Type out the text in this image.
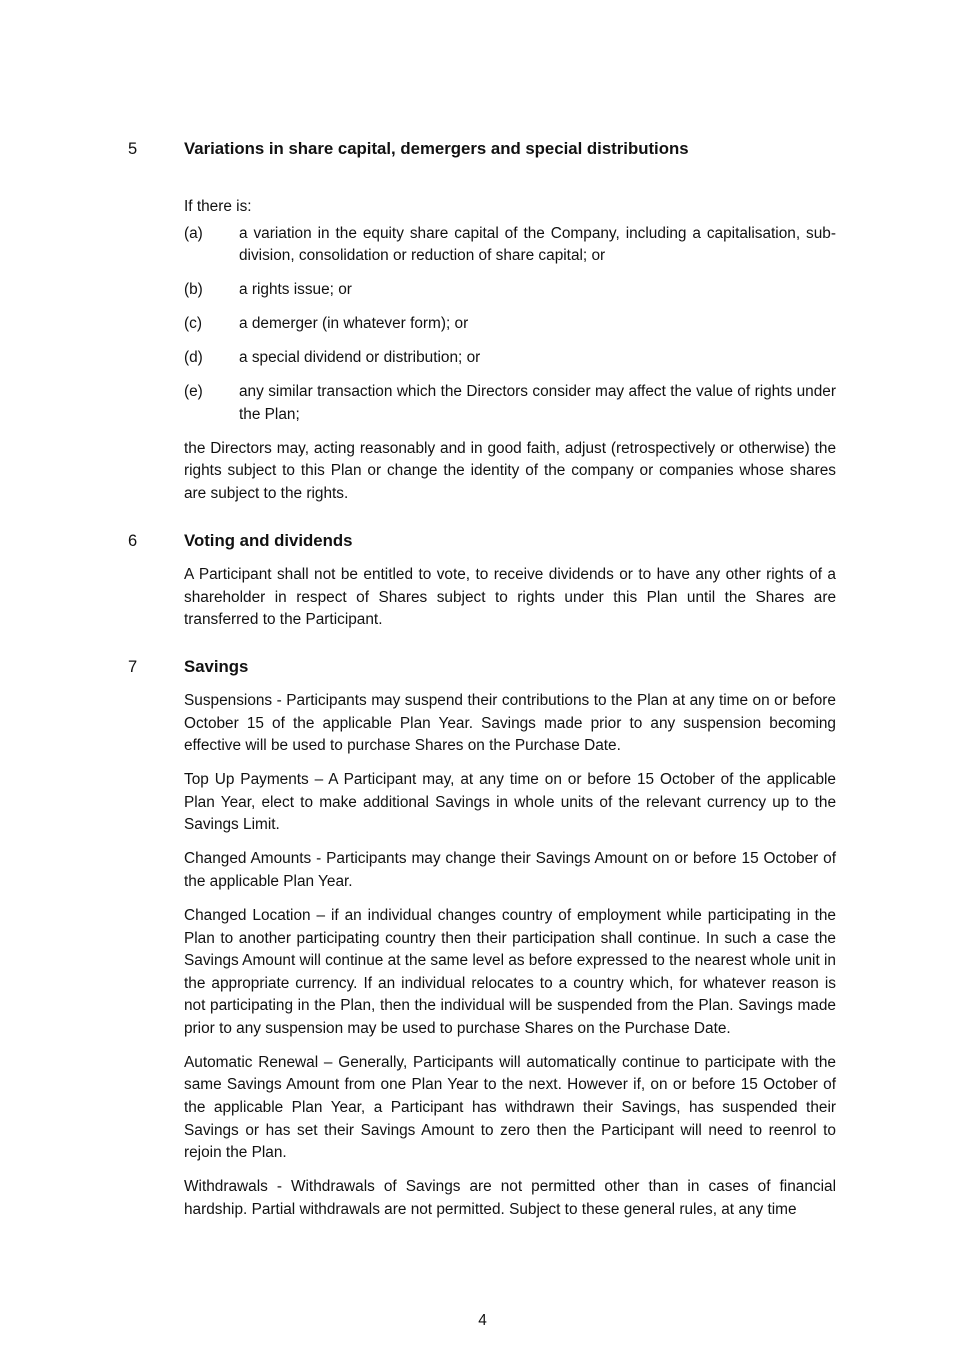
5	Variations in share capital, demergers and special distributions

If there is:

(a) a variation in the equity share capital of the Company, including a capitalisation, sub-division, consolidation or reduction of share capital; or
(b) a rights issue; or
(c) a demerger (in whatever form); or
(d) a special dividend or distribution; or
(e) any similar transaction which the Directors consider may affect the value of rights under the Plan;

the Directors may, acting reasonably and in good faith, adjust (retrospectively or otherwise) the rights subject to this Plan or change the identity of the company or companies whose shares are subject to the rights.

6	Voting and dividends

A Participant shall not be entitled to vote, to receive dividends or to have any other rights of a shareholder in respect of Shares subject to rights under this Plan until the Shares are transferred to the Participant.

7	Savings

Suspensions - Participants may suspend their contributions to the Plan at any time on or before October 15 of the applicable Plan Year. Savings made prior to any suspension becoming effective will be used to purchase Shares on the Purchase Date.

Top Up Payments – A Participant may, at any time on or before 15 October of the applicable Plan Year, elect to make additional Savings in whole units of the relevant currency up to the Savings Limit.

Changed Amounts - Participants may change their Savings Amount on or before 15 October of the applicable Plan Year.

Changed Location – if an individual changes country of employment while participating in the Plan to another participating country then their participation shall continue. In such a case the Savings Amount will continue at the same level as before expressed to the nearest whole unit in the appropriate currency. If an individual relocates to a country which, for whatever reason is not participating in the Plan, then the individual will be suspended from the Plan. Savings made prior to any suspension may be used to purchase Shares on the Purchase Date.

Automatic Renewal – Generally, Participants will automatically continue to participate with the same Savings Amount from one Plan Year to the next. However if, on or before 15 October of the applicable Plan Year, a Participant has withdrawn their Savings, has suspended their Savings or has set their Savings Amount to zero then the Participant will need to reenrol to rejoin the Plan.

Withdrawals - Withdrawals of Savings are not permitted other than in cases of financial hardship. Partial withdrawals are not permitted. Subject to these general rules, at any time

4
